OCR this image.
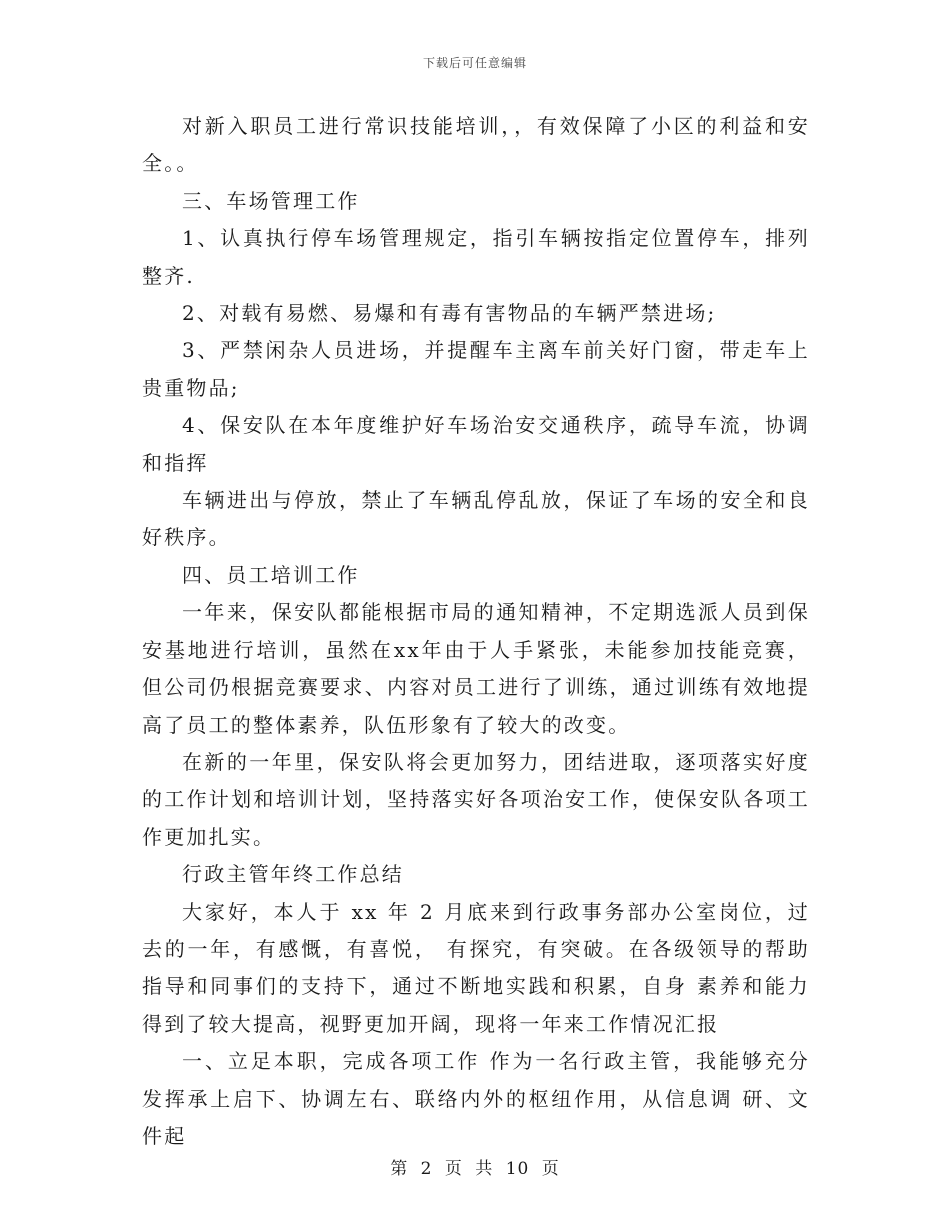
下载后可任意编辑

对新入职员工进行常识技能培训，，有效保障了小区的利益和安全。。

三、车场管理工作

1、认真执行停车场管理规定，指引车辆按指定位置停车，排列整齐.

2、对载有易燃、易爆和有毒有害物品的车辆严禁进场;

3、严禁闲杂人员进场，并提醒车主离车前关好门窗，带走车上贵重物品;

4、保安队在本年度维护好车场治安交通秩序，疏导车流，协调和指挥

车辆进出与停放，禁止了车辆乱停乱放，保证了车场的安全和良好秩序。

四、员工培训工作

一年来，保安队都能根据市局的通知精神，不定期选派人员到保安基地进行培训，虽然在xx年由于人手紧张，未能参加技能竞赛，但公司仍根据竞赛要求、内容对员工进行了训练，通过训练有效地提高了员工的整体素养，队伍形象有了较大的改变。

在新的一年里，保安队将会更加努力，团结进取，逐项落实好度的工作计划和培训计划，坚持落实好各项治安工作，使保安队各项工作更加扎实。

行政主管年终工作总结

大家好，本人于 xx 年 2 月底来到行政事务部办公室岗位，过去的一年，有感慨，有喜悦， 有探究，有突破。在各级领导的帮助指导和同事们的支持下，通过不断地实践和积累，自身 素养和能力得到了较大提高，视野更加开阔，现将一年来工作情况汇报

一、立足本职，完成各项工作 作为一名行政主管，我能够充分发挥承上启下、协调左右、联络内外的枢纽作用，从信息调 研、文件起

第 2 页 共 10 页
